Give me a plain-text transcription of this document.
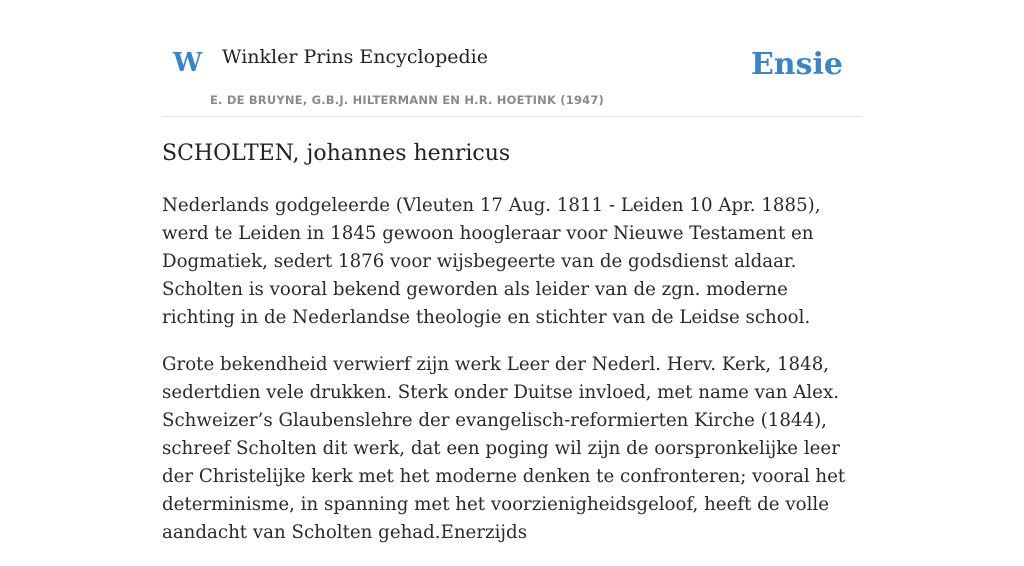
W Winkler Prins Encyclopedie
E. DE BRUYNE, G.B.J. HILTERMANN EN H.R. HOETINK (1947)
Ensie
SCHOLTEN, johannes henricus

Nederlands godgeleerde (Vleuten 17 Aug. 1811 - Leiden 10 Apr. 1885), werd te Leiden in 1845 gewoon hoogleraar voor Nieuwe Testament en Dogmatiek, sedert 1876 voor wijsbegeerte van de godsdienst aldaar. Scholten is vooral bekend geworden als leider van de zgn. moderne richting in de Nederlandse theologie en stichter van de Leidse school.

Grote bekendheid verwierf zijn werk Leer der Nederl. Herv. Kerk, 1848, sedertdien vele drukken. Sterk onder Duitse invloed, met name van Alex. Schweizer’s Glaubenslehre der evangelisch-reformierten Kirche (1844), schreef Scholten dit werk, dat een poging wil zijn de oorspronkelijke leer der Christelijke kerk met het moderne denken te confronteren; vooral het determinisme, in spanning met het voorzienigheidsgeloof, heeft de volle aandacht van Scholten gehad.Enerzijds
